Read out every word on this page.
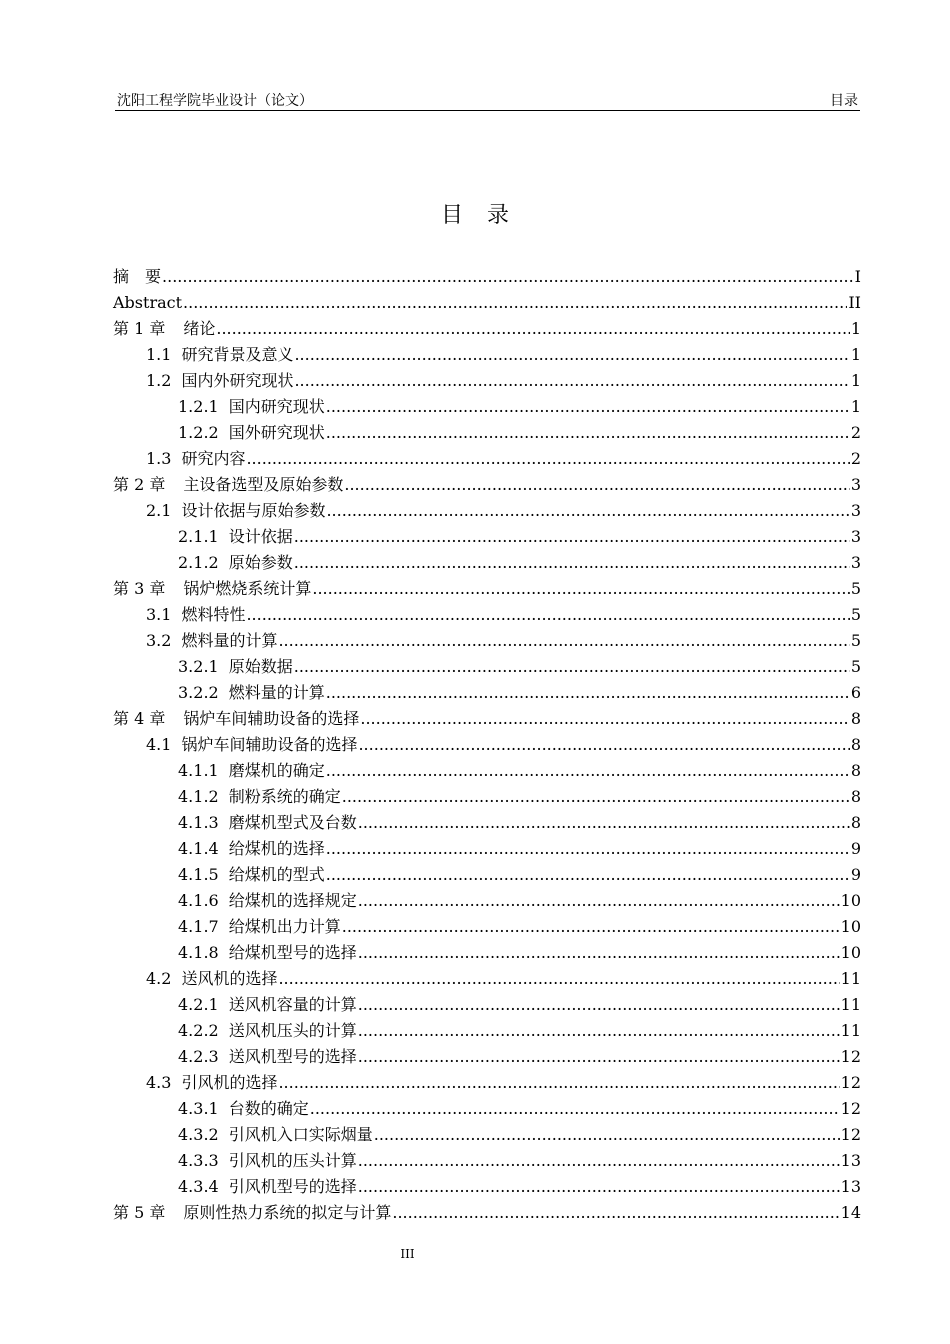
沈阳工程学院毕业设计（论文）	目录
目录
摘　要 .....	I
Abstract .....	II
第 1 章 绪论 .....	1
1.1 研究背景及意义 .....	1
1.2 国内外研究现状 .....	1
1.2.1 国内研究现状 .....	1
1.2.2 国外研究现状 .....	2
1.3 研究内容 .....	2
第 2 章 主设备选型及原始参数 .....	3
2.1 设计依据与原始参数 .....	3
2.1.1 设计依据 .....	3
2.1.2 原始参数 .....	3
第 3 章 锅炉燃烧系统计算 .....	5
3.1 燃料特性 .....	5
3.2 燃料量的计算 .....	5
3.2.1 原始数据 .....	5
3.2.2 燃料量的计算 .....	6
第 4 章 锅炉车间辅助设备的选择 .....	8
4.1 锅炉车间辅助设备的选择 .....	8
4.1.1 磨煤机的确定 .....	8
4.1.2 制粉系统的确定 .....	8
4.1.3 磨煤机型式及台数 .....	8
4.1.4 给煤机的选择 .....	9
4.1.5 给煤机的型式 .....	9
4.1.6 给煤机的选择规定 .....	10
4.1.7 给煤机出力计算 .....	10
4.1.8 给煤机型号的选择 .....	10
4.2 送风机的选择 .....	11
4.2.1 送风机容量的计算 .....	11
4.2.2 送风机压头的计算 .....	11
4.2.3 送风机型号的选择 .....	12
4.3 引风机的选择 .....	12
4.3.1 台数的确定 .....	12
4.3.2 引风机入口实际烟量 .....	12
4.3.3 引风机的压头计算 .....	13
4.3.4 引风机型号的选择 .....	13
第 5 章 原则性热力系统的拟定与计算 .....	14
III
